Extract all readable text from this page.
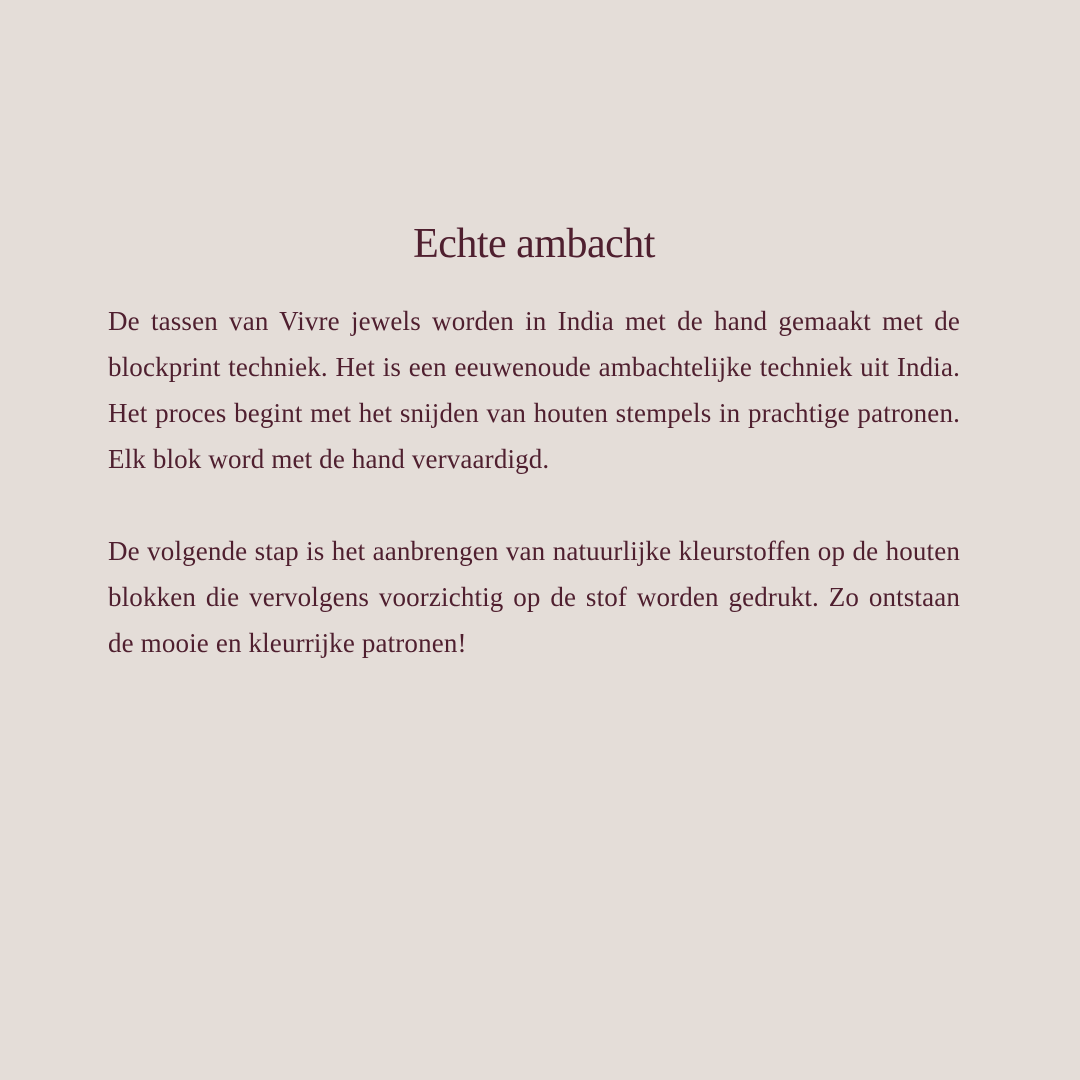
Echte ambacht

De tassen van Vivre jewels worden in India met de hand gemaakt met de blockprint techniek. Het is een eeuwenoude ambachtelijke techniek uit India. Het proces begint met het snijden van houten stempels in prachtige patronen. Elk blok word met de hand vervaardigd.

De volgende stap is het aanbrengen van natuurlijke kleurstoffen op de houten blokken die vervolgens voorzichtig op de stof worden gedrukt. Zo ontstaan de mooie en kleurrijke patronen!
